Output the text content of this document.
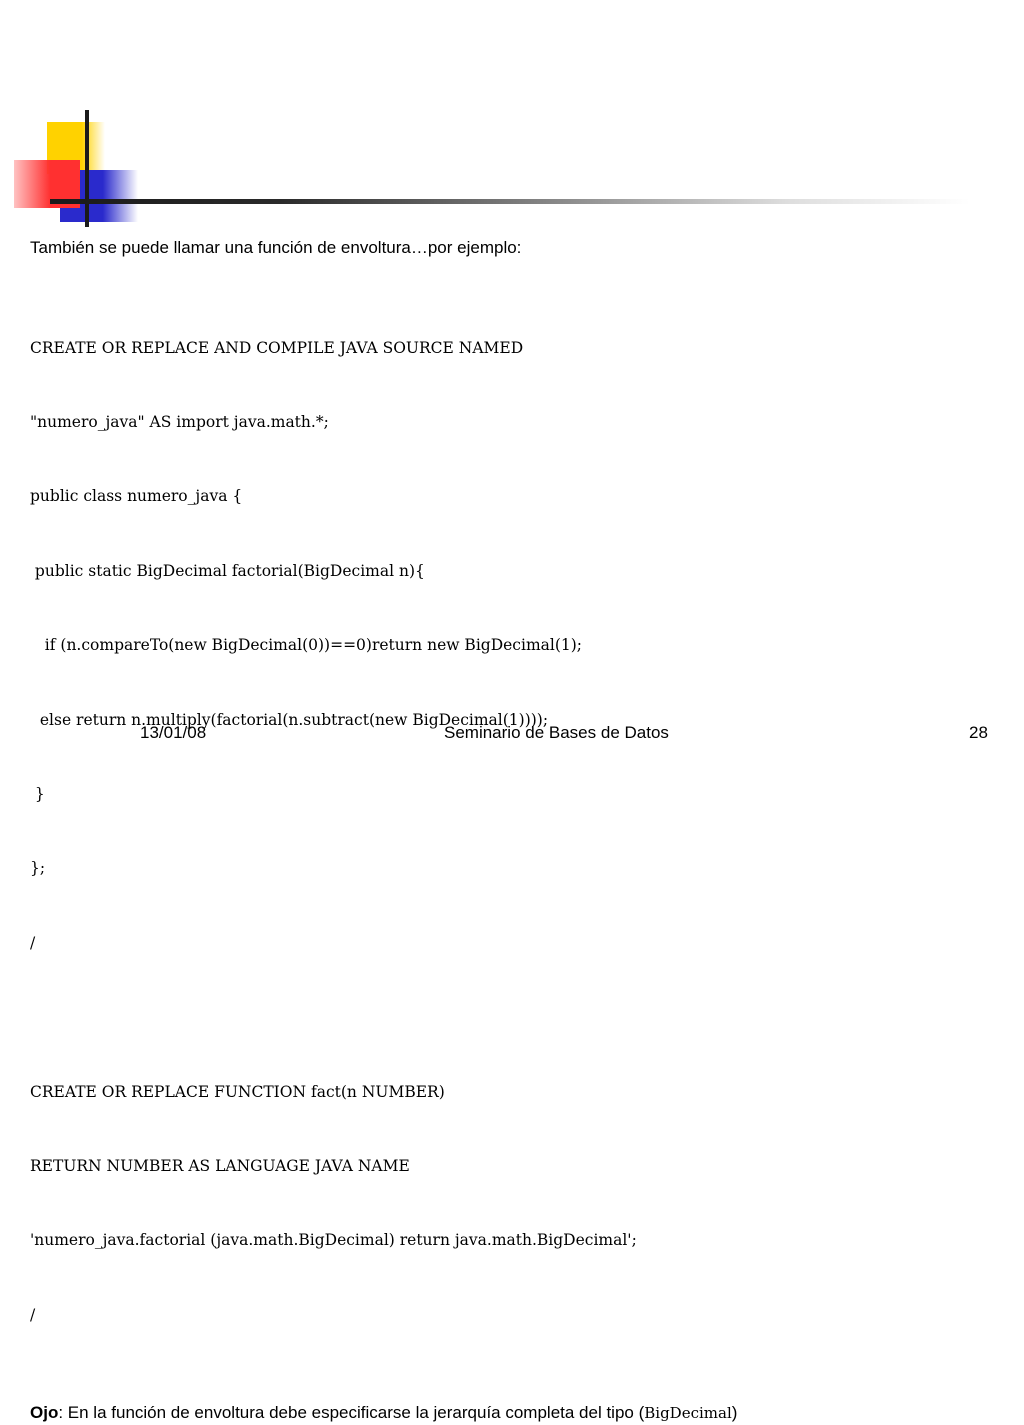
También se puede llamar una función de envoltura…por ejemplo:

CREATE OR REPLACE AND COMPILE JAVA SOURCE NAMED

"numero_java" AS import java.math.*;

public class numero_java {

public static BigDecimal factorial(BigDecimal n){

if (n.compareTo(new BigDecimal(0))==0)return new BigDecimal(1);

else return n.multiply(factorial(n.subtract(new BigDecimal(1))));

}

};

/

CREATE OR REPLACE FUNCTION fact(n NUMBER)

RETURN NUMBER AS LANGUAGE JAVA NAME

'numero_java.factorial (java.math.BigDecimal) return java.math.BigDecimal';

/

Ojo: En la función de envoltura debe especificarse la jerarquía completa del tipo (BigDecimal)

13/01/08	Seminario de Bases de Datos	28
